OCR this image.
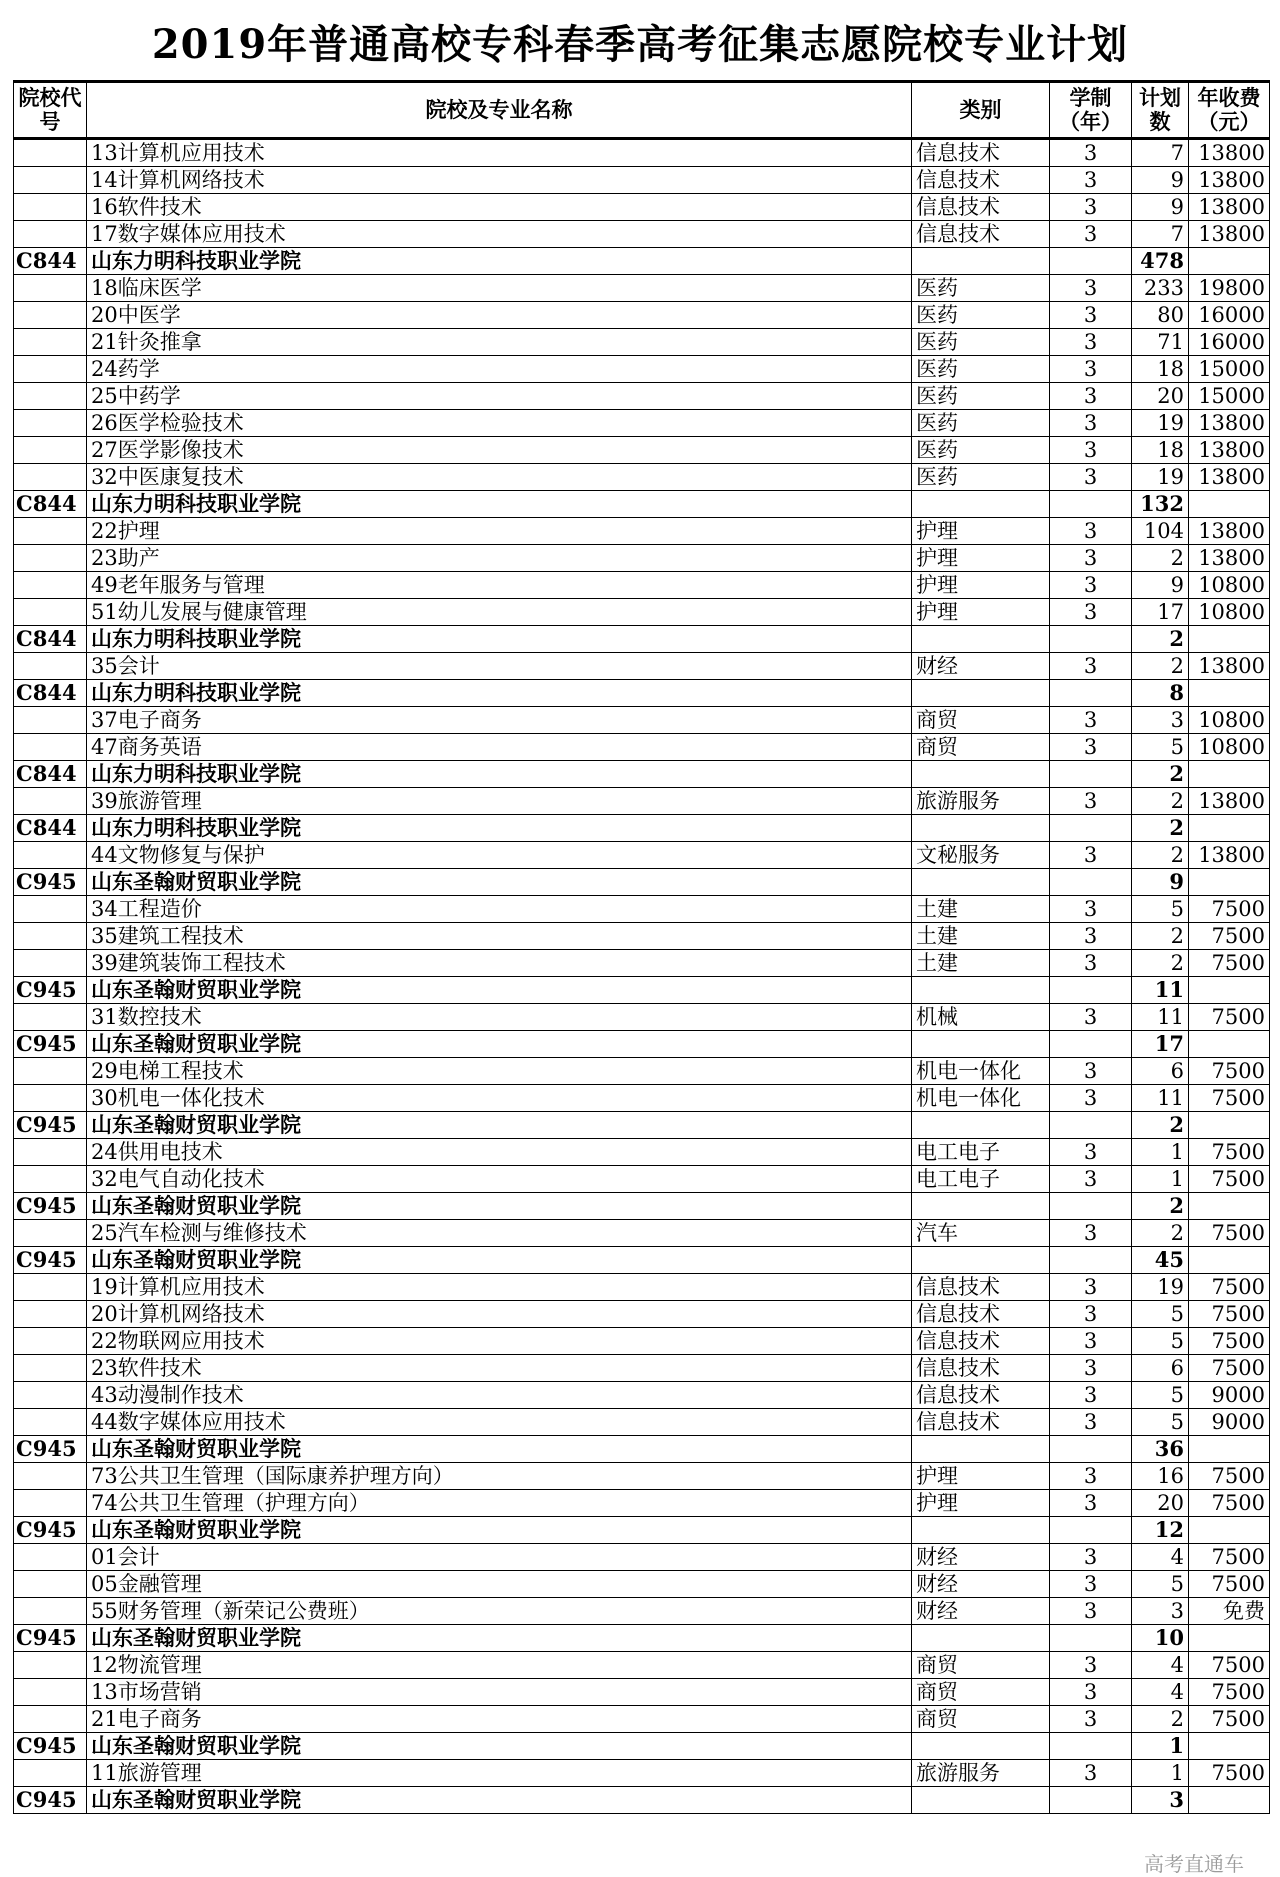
2019年普通高校专科春季高考征集志愿院校专业计划
院校代号	院校及专业名称	类别	学制（年）	计划数	年收费（元）
	13计算机应用技术	信息技术	3	7	13800
	14计算机网络技术	信息技术	3	9	13800
	16软件技术	信息技术	3	9	13800
	17数字媒体应用技术	信息技术	3	7	13800
C844	山东力明科技职业学院			478	
	18临床医学	医药	3	233	19800
	20中医学	医药	3	80	16000
	21针灸推拿	医药	3	71	16000
	24药学	医药	3	18	15000
	25中药学	医药	3	20	15000
	26医学检验技术	医药	3	19	13800
	27医学影像技术	医药	3	18	13800
	32中医康复技术	医药	3	19	13800
C844	山东力明科技职业学院			132	
	22护理	护理	3	104	13800
	23助产	护理	3	2	13800
	49老年服务与管理	护理	3	9	10800
	51幼儿发展与健康管理	护理	3	17	10800
C844	山东力明科技职业学院			2	
	35会计	财经	3	2	13800
C844	山东力明科技职业学院			8	
	37电子商务	商贸	3	3	10800
	47商务英语	商贸	3	5	10800
C844	山东力明科技职业学院			2	
	39旅游管理	旅游服务	3	2	13800
C844	山东力明科技职业学院			2	
	44文物修复与保护	文秘服务	3	2	13800
C945	山东圣翰财贸职业学院			9	
	34工程造价	土建	3	5	7500
	35建筑工程技术	土建	3	2	7500
	39建筑装饰工程技术	土建	3	2	7500
C945	山东圣翰财贸职业学院			11	
	31数控技术	机械	3	11	7500
C945	山东圣翰财贸职业学院			17	
	29电梯工程技术	机电一体化	3	6	7500
	30机电一体化技术	机电一体化	3	11	7500
C945	山东圣翰财贸职业学院			2	
	24供用电技术	电工电子	3	1	7500
	32电气自动化技术	电工电子	3	1	7500
C945	山东圣翰财贸职业学院			2	
	25汽车检测与维修技术	汽车	3	2	7500
C945	山东圣翰财贸职业学院			45	
	19计算机应用技术	信息技术	3	19	7500
	20计算机网络技术	信息技术	3	5	7500
	22物联网应用技术	信息技术	3	5	7500
	23软件技术	信息技术	3	6	7500
	43动漫制作技术	信息技术	3	5	9000
	44数字媒体应用技术	信息技术	3	5	9000
C945	山东圣翰财贸职业学院			36	
	73公共卫生管理（国际康养护理方向）	护理	3	16	7500
	74公共卫生管理（护理方向）	护理	3	20	7500
C945	山东圣翰财贸职业学院			12	
	01会计	财经	3	4	7500
	05金融管理	财经	3	5	7500
	55财务管理（新荣记公费班）	财经	3	3	免费
C945	山东圣翰财贸职业学院			10	
	12物流管理	商贸	3	4	7500
	13市场营销	商贸	3	4	7500
	21电子商务	商贸	3	2	7500
C945	山东圣翰财贸职业学院			1	
	11旅游管理	旅游服务	3	1	7500
C945	山东圣翰财贸职业学院			3	
高考直通车
